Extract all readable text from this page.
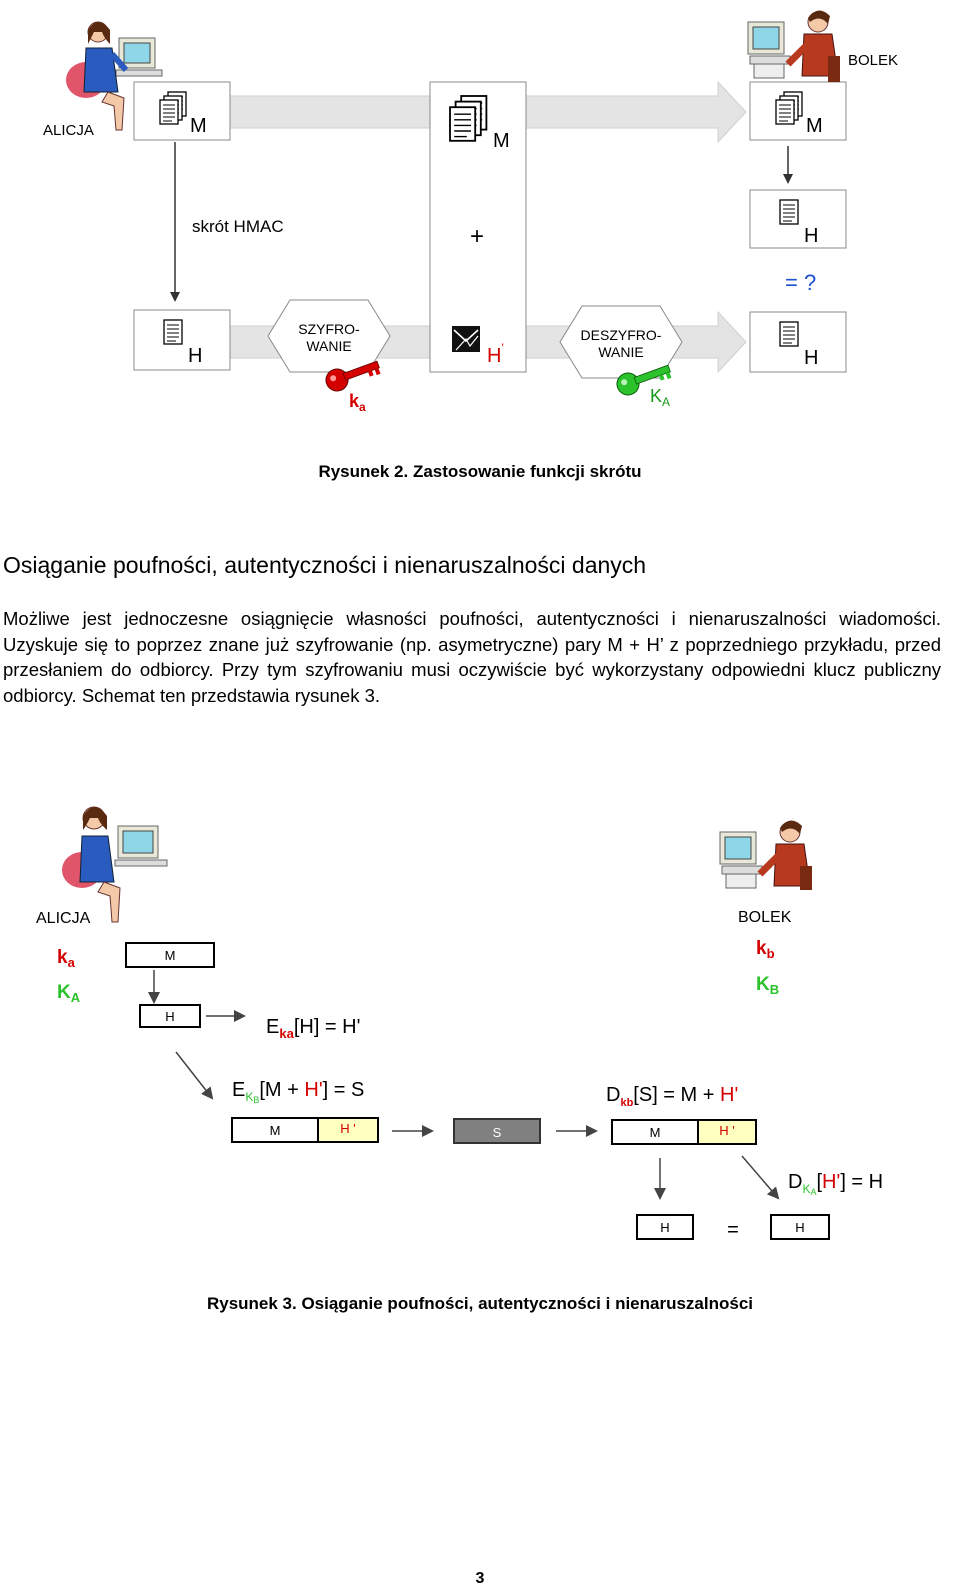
ALICJA
BOLEK
M
M
M
H
H	H
skrót HMAC	+
= ?
SZYFRO-
WANIE
DESZYFRO-
WANIE
H'
$k_a$
$K_A$
Rysunek 2. Zastosowanie funkcji skrótu
Osiąganie poufności, autentyczności i nienaruszalności danych
Możliwe jest jednoczesne osiągnięcie własności poufności, autentyczności i nienaruszalności wiadomości. Uzyskuje się to poprzez znane już szyfrowanie (np. asymetryczne) pary M + H’ z poprzedniego przykładu, przed przesłaniem do odbiorcy. Przy tym szyfrowaniu musi oczywiście być wykorzystany odpowiedni klucz publiczny odbiorcy. Schemat ten przedstawia rysunek 3.
ALICJA	BOLEK
$k_a$
$K_A$
$k_b$
$K_B$
M
H	$E_{ka}[H] = H'$
$E_KB[M + H'] = S$
M	H '	S
$D_{kb}[S] = M + H'$
M	H '
$D_KA[H'] = H$
H	=	H
Rysunek 3. Osiąganie poufności, autentyczności i nienaruszalności
3
